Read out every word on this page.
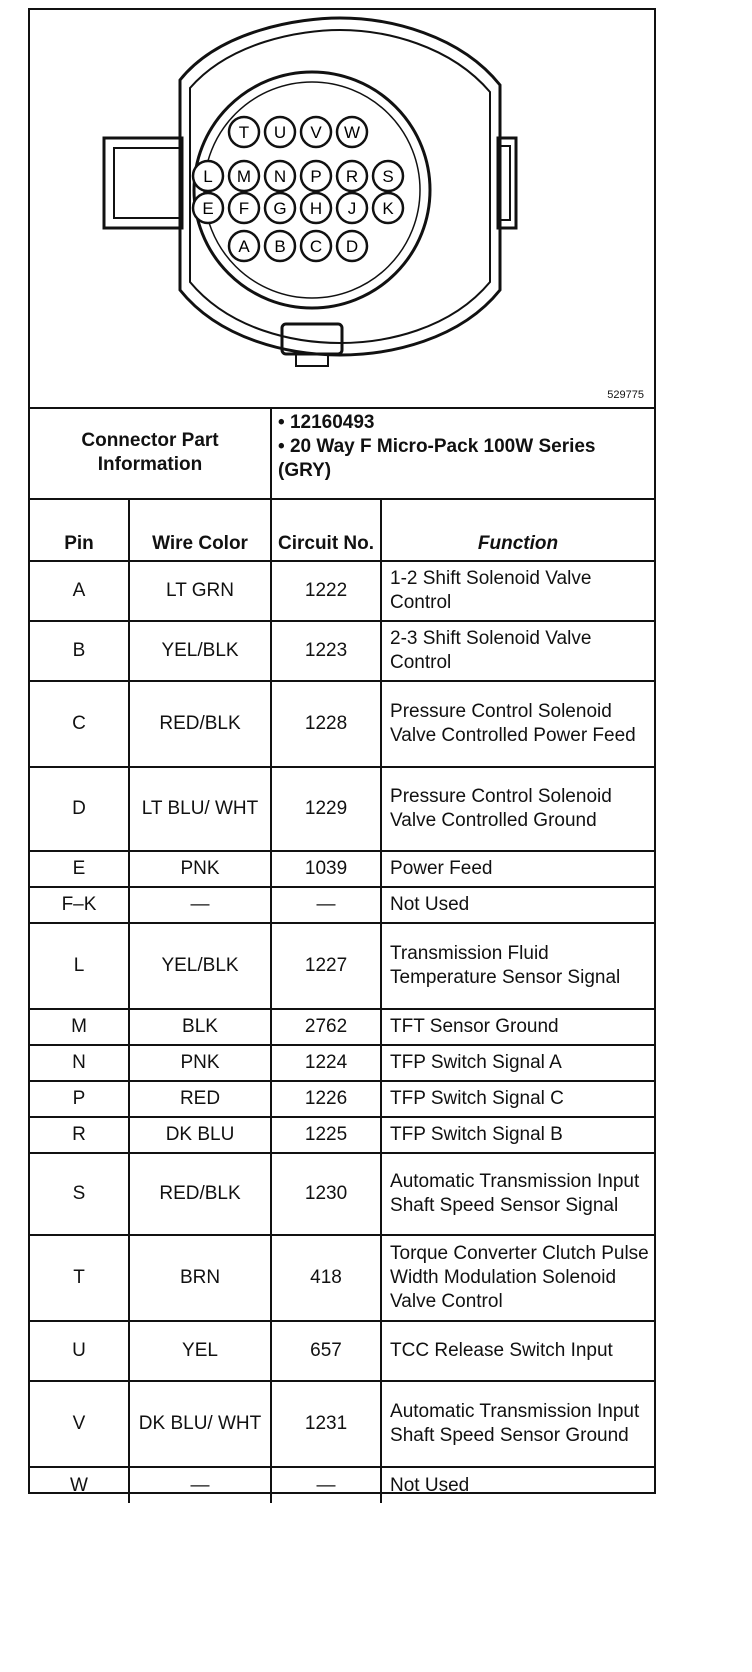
T U V W
L M N P R S
E F G H J K
A B C D
529775
Connector Part Information		• 12160493
• 20 Way F Micro-Pack 100W Series (GRY)	

Pin	Wire Color	Circuit No.	Function
A	LT GRN	1222	1-2 Shift Solenoid Valve Control
B	YEL/BLK	1223	2-3 Shift Solenoid Valve Control
C	RED/BLK	1228	Pressure Control Solenoid Valve Controlled Power Feed
D	LT BLU/ WHT	1229	Pressure Control Solenoid Valve Controlled Ground
E	PNK	1039	Power Feed
F–K	—	—	Not Used
L	YEL/BLK	1227	Transmission Fluid Temperature Sensor Signal
M	BLK	2762	TFT Sensor Ground
N	PNK	1224	TFP Switch Signal A
P	RED	1226	TFP Switch Signal C
R	DK BLU	1225	TFP Switch Signal B
S	RED/BLK	1230	Automatic Transmission Input Shaft Speed Sensor Signal
T	BRN	418	Torque Converter Clutch Pulse Width Modulation Solenoid Valve Control
U	YEL	657	TCC Release Switch Input
V	DK BLU/ WHT	1231	Automatic Transmission Input Shaft Speed Sensor Ground
W	—	—	Not Used
